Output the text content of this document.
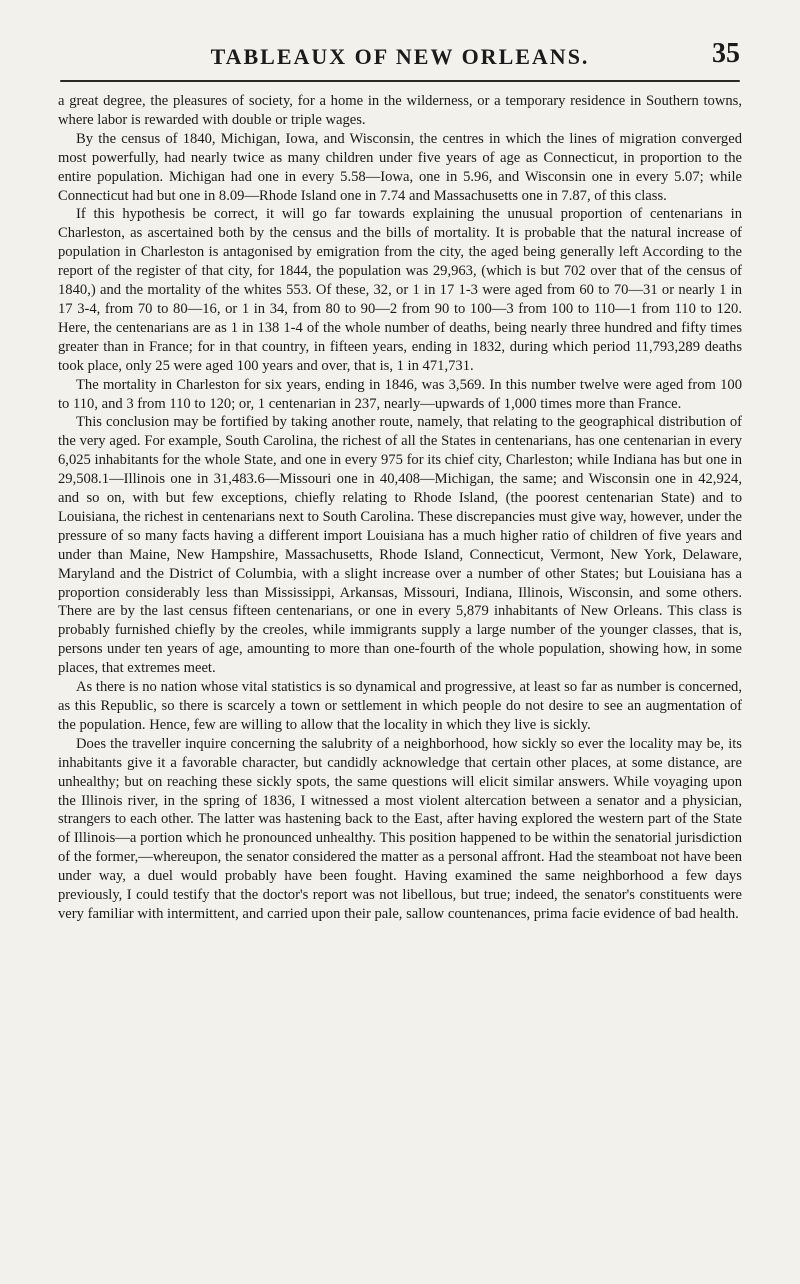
TABLEAUX OF NEW ORLEANS.	35

a great degree, the pleasures of society, for a home in the wilderness, or a temporary residence in Southern towns, where labor is rewarded with double or triple wages.

By the census of 1840, Michigan, Iowa, and Wisconsin, the centres in which the lines of migration converged most powerfully, had nearly twice as many children under five years of age as Connecticut, in proportion to the entire population. Michigan had one in every 5.58—Iowa, one in 5.96, and Wisconsin one in every 5.07; while Connecticut had but one in 8.09—Rhode Island one in 7.74 and Massachusetts one in 7.87, of this class.

If this hypothesis be correct, it will go far towards explaining the unusual proportion of centenarians in Charleston, as ascertained both by the census and the bills of mortality. It is probable that the natural increase of population in Charleston is antagonised by emigration from the city, the aged being generally left According to the report of the register of that city, for 1844, the population was 29,963, (which is but 702 over that of the census of 1840,) and the mortality of the whites 553. Of these, 32, or 1 in 17 1-3 were aged from 60 to 70—31 or nearly 1 in 17 3-4, from 70 to 80—16, or 1 in 34, from 80 to 90—2 from 90 to 100—3 from 100 to 110—1 from 110 to 120. Here, the centenarians are as 1 in 138 1-4 of the whole number of deaths, being nearly three hundred and fifty times greater than in France; for in that country, in fifteen years, ending in 1832, during which period 11,793,289 deaths took place, only 25 were aged 100 years and over, that is, 1 in 471,731.

The mortality in Charleston for six years, ending in 1846, was 3,569. In this number twelve were aged from 100 to 110, and 3 from 110 to 120; or, 1 centenarian in 237, nearly—upwards of 1,000 times more than France.

This conclusion may be fortified by taking another route, namely, that relating to the geographical distribution of the very aged. For example, South Carolina, the richest of all the States in centenarians, has one centenarian in every 6,025 inhabitants for the whole State, and one in every 975 for its chief city, Charleston; while Indiana has but one in 29,508.1—Illinois one in 31,483.6—Missouri one in 40,408—Michigan, the same; and Wisconsin one in 42,924, and so on, with but few exceptions, chiefly relating to Rhode Island, (the poorest centenarian State) and to Louisiana, the richest in centenarians next to South Carolina. These discrepancies must give way, however, under the pressure of so many facts having a different import Louisiana has a much higher ratio of children of five years and under than Maine, New Hampshire, Massachusetts, Rhode Island, Connecticut, Vermont, New York, Delaware, Maryland and the District of Columbia, with a slight increase over a number of other States; but Louisiana has a proportion considerably less than Mississippi, Arkansas, Missouri, Indiana, Illinois, Wisconsin, and some others. There are by the last census fifteen centenarians, or one in every 5,879 inhabitants of New Orleans. This class is probably furnished chiefly by the creoles, while immigrants supply a large number of the younger classes, that is, persons under ten years of age, amounting to more than one-fourth of the whole population, showing how, in some places, that extremes meet.

As there is no nation whose vital statistics is so dynamical and progressive, at least so far as number is concerned, as this Republic, so there is scarcely a town or settlement in which people do not desire to see an augmentation of the population. Hence, few are willing to allow that the locality in which they live is sickly.

Does the traveller inquire concerning the salubrity of a neighborhood, how sickly so ever the locality may be, its inhabitants give it a favorable character, but candidly acknowledge that certain other places, at some distance, are unhealthy; but on reaching these sickly spots, the same questions will elicit similar answers. While voyaging upon the Illinois river, in the spring of 1836, I witnessed a most violent altercation between a senator and a physician, strangers to each other. The latter was hastening back to the East, after having explored the western part of the State of Illinois—a portion which he pronounced unhealthy. This position happened to be within the senatorial jurisdiction of the former,—whereupon, the senator considered the matter as a personal affront. Had the steamboat not have been under way, a duel would probably have been fought. Having examined the same neighborhood a few days previously, I could testify that the doctor's report was not libellous, but true; indeed, the senator's constituents were very familiar with intermittent, and carried upon their pale, sallow countenances, prima facie evidence of bad health.
